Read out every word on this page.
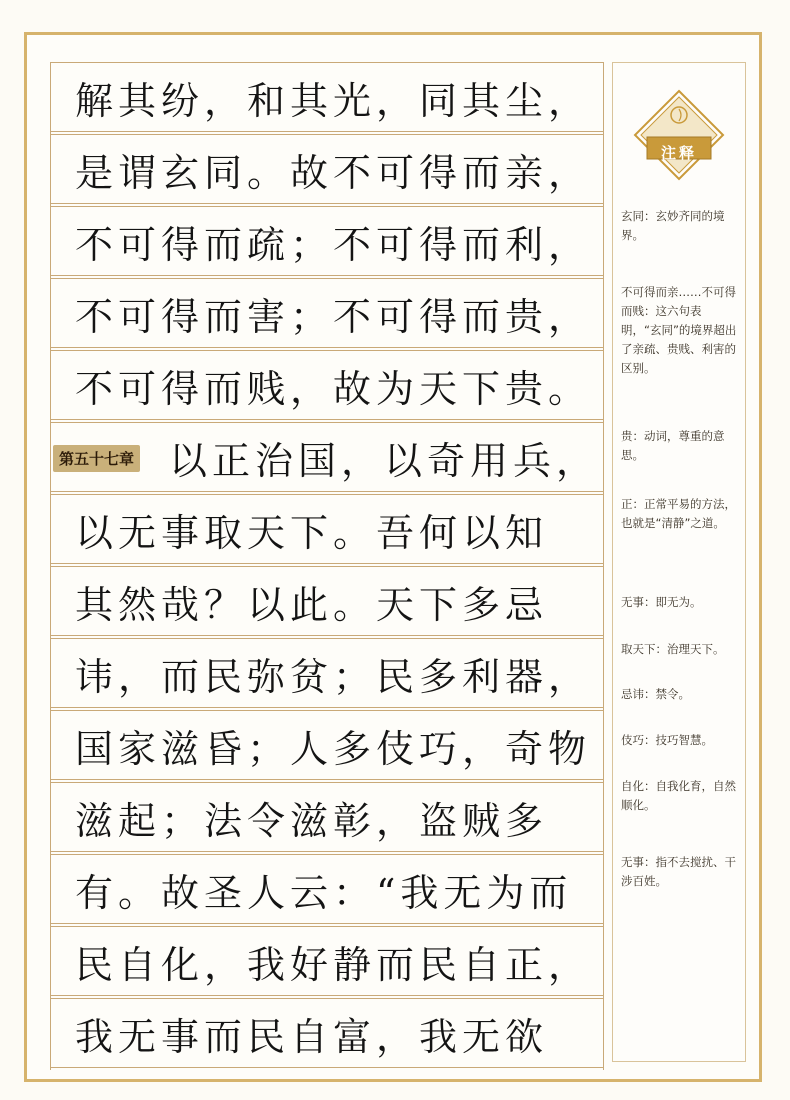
解其纷，和其光，同其尘，
是谓玄同。故不可得而亲，
不可得而疏；不可得而利，
不可得而害；不可得而贵，
不可得而贱，故为天下贵。
第五十七章 以正治国，以奇用兵，
以无事取天下。吾何以知
其然哉？以此。天下多忌
讳，而民弥贫；民多利器，
国家滋昏；人多伎巧，奇物
滋起；法令滋彰，盗贼多
有。故圣人云：“我无为而
民自化，我好静而民自正，
我无事而民自富，我无欲
注释

玄同：玄妙齐同的境界。

不可得而亲……不可得而贱：这六句表明，“玄同”的境界超出了亲疏、贵贱、利害的区别。

贵：动词，尊重的意思。

正：正常平易的方法，也就是“清静”之道。

无事：即无为。

取天下：治理天下。

忌讳：禁令。

伎巧：技巧智慧。

自化：自我化育，自然顺化。

无事：指不去搅扰、干涉百姓。
